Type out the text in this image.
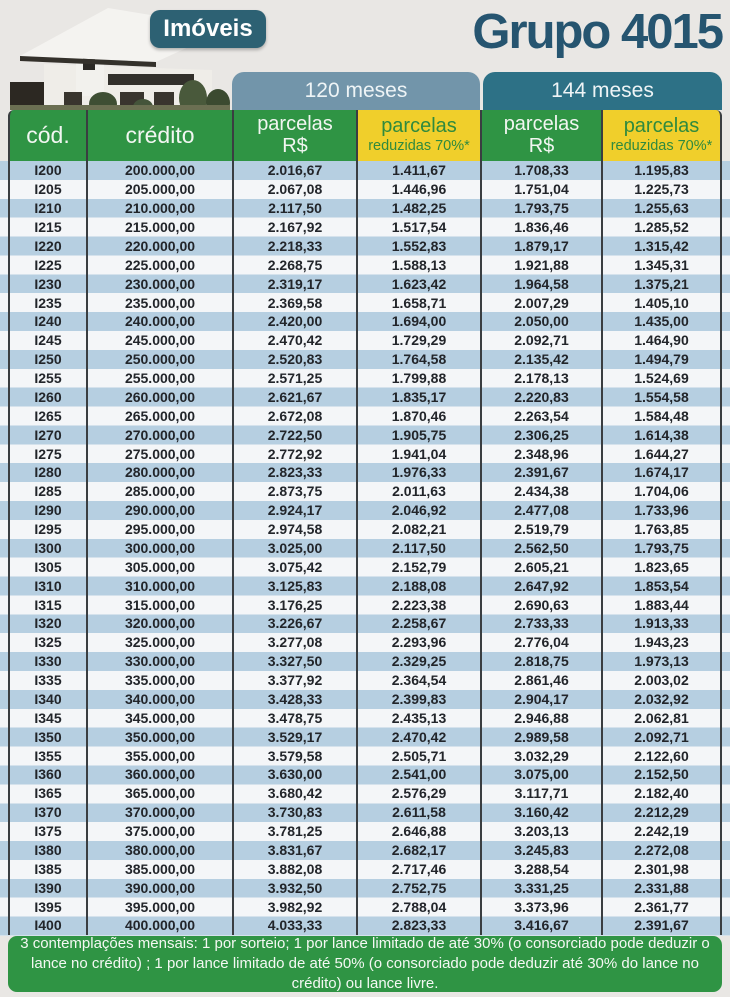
Grupo 4015
Imóveis
120 meses	144 meses
cód.	crédito	parcelas
R$
parcelas
reduzidas 70%*
parcelas
R$
parcelas
reduzidas 70%*
I200	200.000,00	2.016,67	1.411,67	1.708,33	1.195,83
I205	205.000,00	2.067,08	1.446,96	1.751,04	1.225,73
I210	210.000,00	2.117,50	1.482,25	1.793,75	1.255,63
I215	215.000,00	2.167,92	1.517,54	1.836,46	1.285,52
I220	220.000,00	2.218,33	1.552,83	1.879,17	1.315,42
I225	225.000,00	2.268,75	1.588,13	1.921,88	1.345,31
I230	230.000,00	2.319,17	1.623,42	1.964,58	1.375,21
I235	235.000,00	2.369,58	1.658,71	2.007,29	1.405,10
I240	240.000,00	2.420,00	1.694,00	2.050,00	1.435,00
I245	245.000,00	2.470,42	1.729,29	2.092,71	1.464,90
I250	250.000,00	2.520,83	1.764,58	2.135,42	1.494,79
I255	255.000,00	2.571,25	1.799,88	2.178,13	1.524,69
I260	260.000,00	2.621,67	1.835,17	2.220,83	1.554,58
I265	265.000,00	2.672,08	1.870,46	2.263,54	1.584,48
I270	270.000,00	2.722,50	1.905,75	2.306,25	1.614,38
I275	275.000,00	2.772,92	1.941,04	2.348,96	1.644,27
I280	280.000,00	2.823,33	1.976,33	2.391,67	1.674,17
I285	285.000,00	2.873,75	2.011,63	2.434,38	1.704,06
I290	290.000,00	2.924,17	2.046,92	2.477,08	1.733,96
I295	295.000,00	2.974,58	2.082,21	2.519,79	1.763,85
I300	300.000,00	3.025,00	2.117,50	2.562,50	1.793,75
I305	305.000,00	3.075,42	2.152,79	2.605,21	1.823,65
I310	310.000,00	3.125,83	2.188,08	2.647,92	1.853,54
I315	315.000,00	3.176,25	2.223,38	2.690,63	1.883,44
I320	320.000,00	3.226,67	2.258,67	2.733,33	1.913,33
I325	325.000,00	3.277,08	2.293,96	2.776,04	1.943,23
I330	330.000,00	3.327,50	2.329,25	2.818,75	1.973,13
I335	335.000,00	3.377,92	2.364,54	2.861,46	2.003,02
I340	340.000,00	3.428,33	2.399,83	2.904,17	2.032,92
I345	345.000,00	3.478,75	2.435,13	2.946,88	2.062,81
I350	350.000,00	3.529,17	2.470,42	2.989,58	2.092,71
I355	355.000,00	3.579,58	2.505,71	3.032,29	2.122,60
I360	360.000,00	3.630,00	2.541,00	3.075,00	2.152,50
I365	365.000,00	3.680,42	2.576,29	3.117,71	2.182,40
I370	370.000,00	3.730,83	2.611,58	3.160,42	2.212,29
I375	375.000,00	3.781,25	2.646,88	3.203,13	2.242,19
I380	380.000,00	3.831,67	2.682,17	3.245,83	2.272,08
I385	385.000,00	3.882,08	2.717,46	3.288,54	2.301,98
I390	390.000,00	3.932,50	2.752,75	3.331,25	2.331,88
I395	395.000,00	3.982,92	2.788,04	3.373,96	2.361,77
I400	400.000,00	4.033,33	2.823,33	3.416,67	2.391,67
3 contemplações mensais: 1 por sorteio; 1 por lance limitado de até 30% (o consorciado pode deduzir o lance no crédito) ; 1 por lance limitado de até 50% (o consorciado pode deduzir até 30% do lance no crédito) ou lance livre.
